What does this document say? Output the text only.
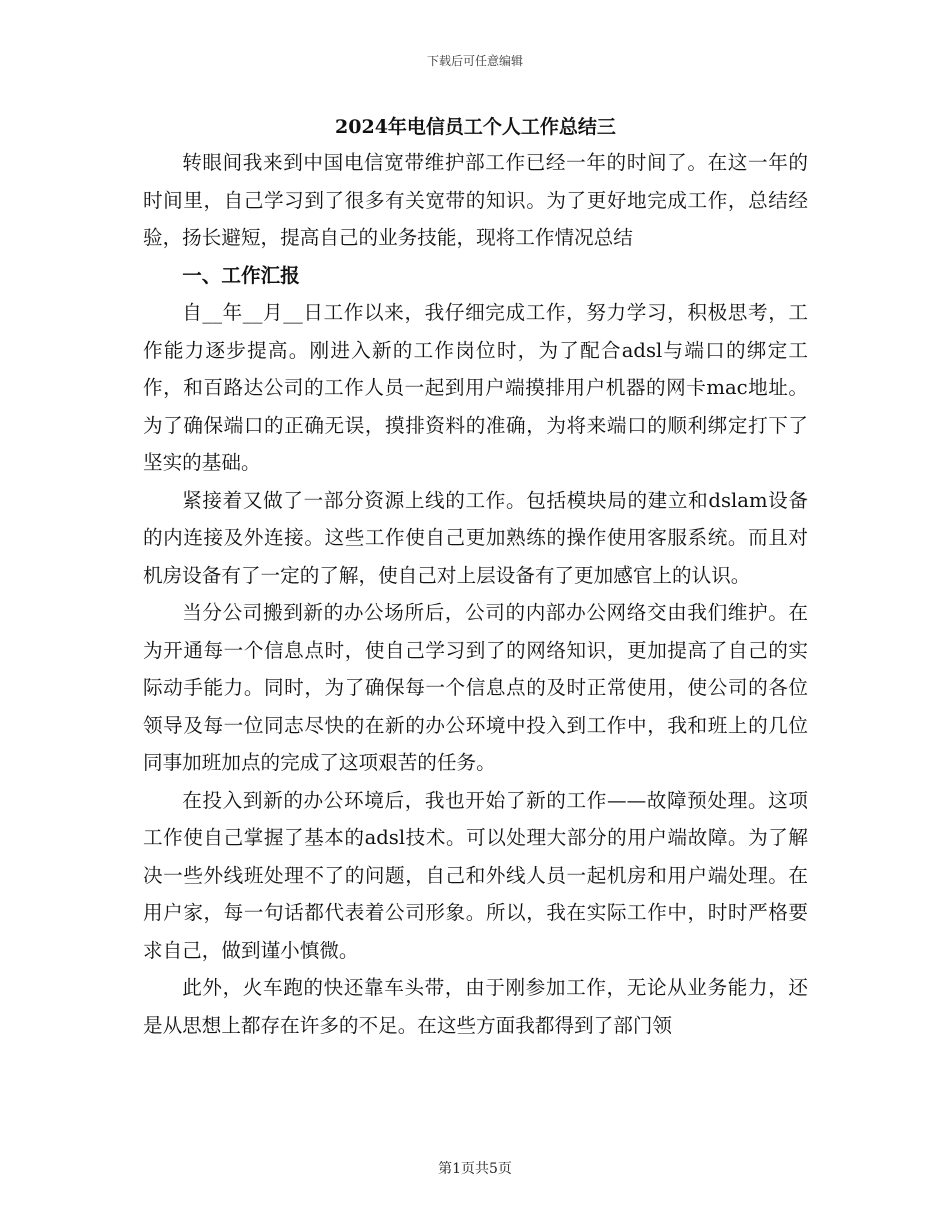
下载后可任意编辑
2024年电信员工个人工作总结三

转眼间我来到中国电信宽带维护部工作已经一年的时间了。在这一年的时间里，自己学习到了很多有关宽带的知识。为了更好地完成工作，总结经验，扬长避短，提高自己的业务技能，现将工作情况总结

一、工作汇报

自__年__月__日工作以来，我仔细完成工作，努力学习，积极思考，工作能力逐步提高。刚进入新的工作岗位时，为了配合adsl与端口的绑定工作，和百路达公司的工作人员一起到用户端摸排用户机器的网卡mac地址。为了确保端口的正确无误，摸排资料的准确，为将来端口的顺利绑定打下了坚实的基础。

紧接着又做了一部分资源上线的工作。包括模块局的建立和dslam设备的内连接及外连接。这些工作使自己更加熟练的操作使用客服系统。而且对机房设备有了一定的了解，使自己对上层设备有了更加感官上的认识。

当分公司搬到新的办公场所后，公司的内部办公网络交由我们维护。在为开通每一个信息点时，使自己学习到了的网络知识，更加提高了自己的实际动手能力。同时，为了确保每一个信息点的及时正常使用，使公司的各位领导及每一位同志尽快的在新的办公环境中投入到工作中，我和班上的几位同事加班加点的完成了这项艰苦的任务。

在投入到新的办公环境后，我也开始了新的工作——故障预处理。这项工作使自己掌握了基本的adsl技术。可以处理大部分的用户端故障。为了解决一些外线班处理不了的问题，自己和外线人员一起机房和用户端处理。在用户家，每一句话都代表着公司形象。所以，我在实际工作中，时时严格要求自己，做到谨小慎微。

此外，火车跑的快还靠车头带，由于刚参加工作，无论从业务能力，还是从思想上都存在许多的不足。在这些方面我都得到了部门领

第1页共5页
